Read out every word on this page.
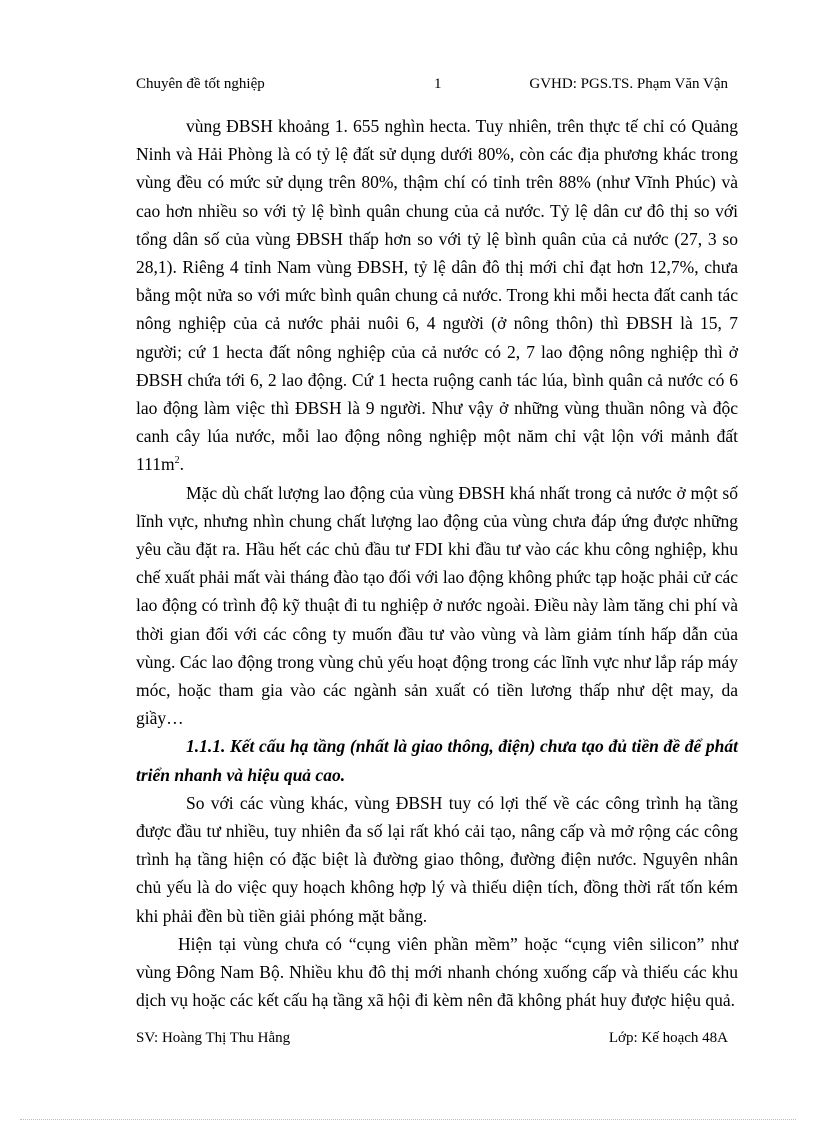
Chuyên đề tốt nghiệp	1	GVHD: PGS.TS. Phạm Văn Vận

vùng ĐBSH khoảng 1. 655 nghìn hecta. Tuy nhiên, trên thực tế chỉ có Quảng Ninh và Hải Phòng là có tỷ lệ đất sử dụng dưới 80%, còn các địa phương khác trong vùng đều có mức sử dụng trên 80%, thậm chí có tỉnh trên 88% (như Vĩnh Phúc) và cao hơn nhiều so với tỷ lệ bình quân chung của cả nước. Tỷ lệ dân cư đô thị so với tổng dân số của vùng ĐBSH thấp hơn so với tỷ lệ bình quân của cả nước (27, 3 so 28,1). Riêng 4 tỉnh Nam vùng ĐBSH, tỷ lệ dân đô thị mới chỉ đạt hơn 12,7%, chưa bằng một nửa so với mức bình quân chung cả nước. Trong khi mỗi hecta đất canh tác nông nghiệp của cả nước phải nuôi 6, 4 người (ở nông thôn) thì ĐBSH là 15, 7 người; cứ 1 hecta đất nông nghiệp của cả nước có 2, 7 lao động nông nghiệp thì ở ĐBSH chứa tới 6, 2 lao động. Cứ 1 hecta ruộng canh tác lúa, bình quân cả nước có 6 lao động làm việc thì ĐBSH là 9 người. Như vậy ở những vùng thuần nông và độc canh cây lúa nước, mỗi lao động nông nghiệp một năm chỉ vật lộn với mảnh đất $111m^2$.

Mặc dù chất lượng lao động của vùng ĐBSH khá nhất trong cả nước ở một số lĩnh vực, nhưng nhìn chung chất lượng lao động của vùng chưa đáp ứng được những yêu cầu đặt ra. Hầu hết các chủ đầu tư FDI khi đầu tư vào các khu công nghiệp, khu chế xuất phải mất vài tháng đào tạo đối với lao động không phức tạp hoặc phải cử các lao động có trình độ kỹ thuật đi tu nghiệp ở nước ngoài. Điều này làm tăng chi phí và thời gian đối với các công ty muốn đầu tư vào vùng và làm giảm tính hấp dẫn của vùng. Các lao động trong vùng chủ yếu hoạt động trong các lĩnh vực như lắp ráp máy móc, hoặc tham gia vào các ngành sản xuất có tiền lương thấp như dệt may, da giầy…

1.1.1. Kết cấu hạ tầng (nhất là giao thông, điện) chưa tạo đủ tiền đề để phát triển nhanh và hiệu quả cao.

So với các vùng khác, vùng ĐBSH tuy có lợi thế về các công trình hạ tầng được đầu tư nhiều, tuy nhiên đa số lại rất khó cải tạo, nâng cấp và mở rộng các công trình hạ tầng hiện có đặc biệt là đường giao thông, đường điện nước. Nguyên nhân chủ yếu là do việc quy hoạch không hợp lý và thiếu diện tích, đồng thời rất tốn kém khi phải đền bù tiền giải phóng mặt bằng.

Hiện tại vùng chưa có “cụng viên phần mềm” hoặc “cụng viên silicon” như vùng Đông Nam Bộ. Nhiều khu đô thị mới nhanh chóng xuống cấp và thiếu các khu dịch vụ hoặc các kết cấu hạ tầng xã hội đi kèm nên đã không phát huy được hiệu quả.

SV: Hoàng Thị Thu Hằng	Lớp: Kế hoạch 48A
